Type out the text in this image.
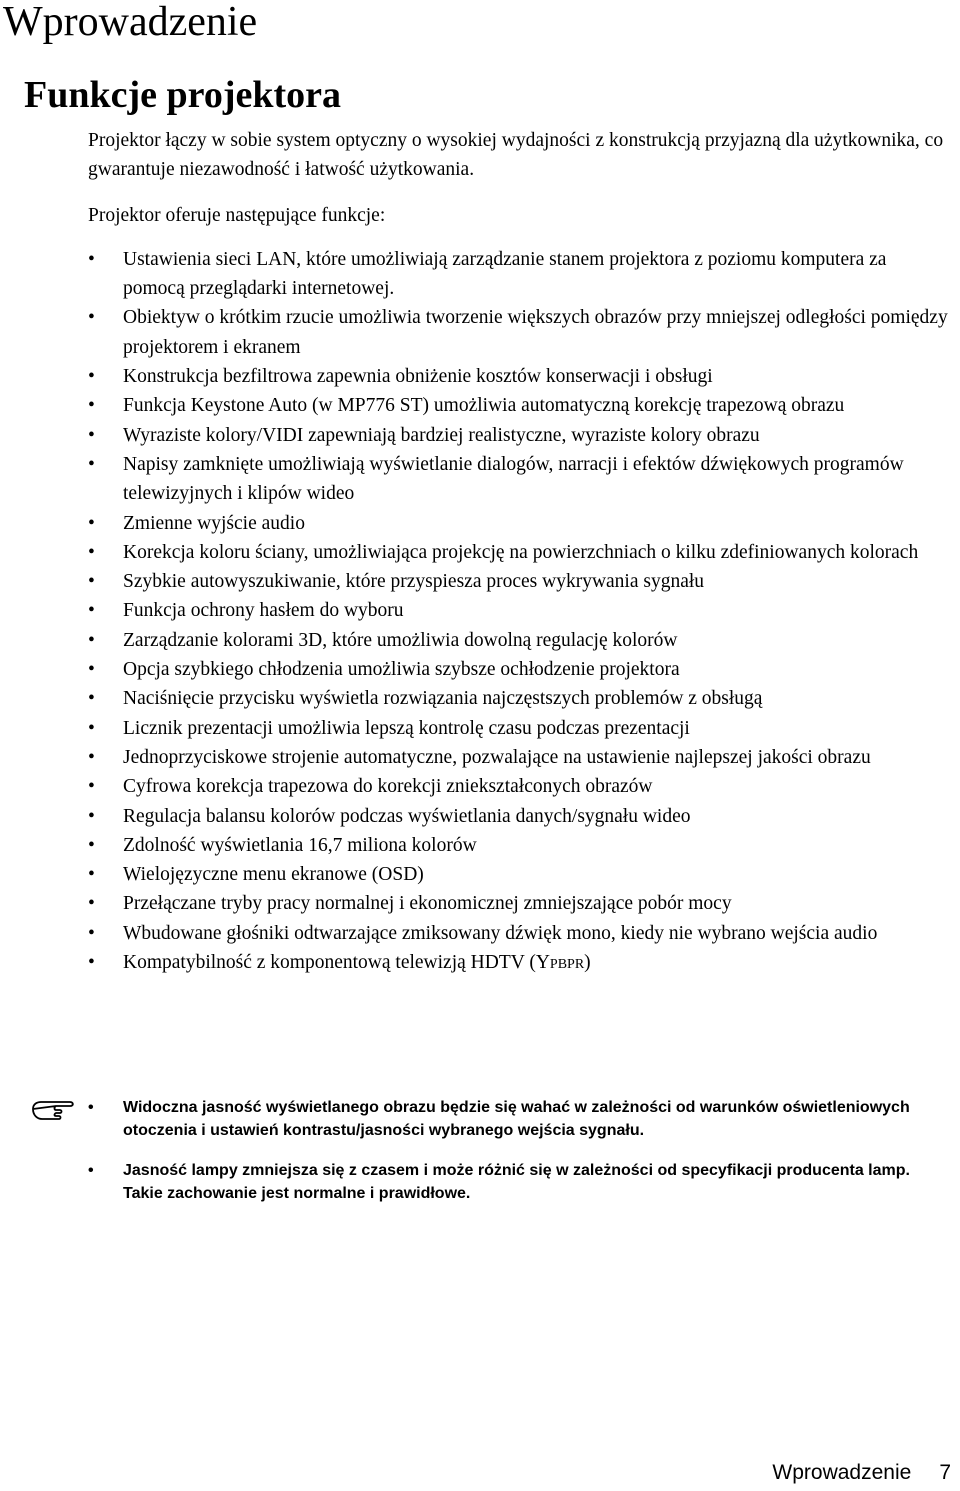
Wprowadzenie
Funkcje projektora

Projektor łączy w sobie system optyczny o wysokiej wydajności z konstrukcją przyjazną dla użytkownika, co gwarantuje niezawodność i łatwość użytkowania.

Projektor oferuje następujące funkcje:

• Ustawienia sieci LAN, które umożliwiają zarządzanie stanem projektora z poziomu komputera za pomocą przeglądarki internetowej.
• Obiektyw o krótkim rzucie umożliwia tworzenie większych obrazów przy mniejszej odległości pomiędzy projektorem i ekranem
• Konstrukcja bezfiltrowa zapewnia obniżenie kosztów konserwacji i obsługi
• Funkcja Keystone Auto (w MP776 ST) umożliwia automatyczną korekcję trapezową obrazu
• Wyraziste kolory/VIDI zapewniają bardziej realistyczne, wyraziste kolory obrazu
• Napisy zamknięte umożliwiają wyświetlanie dialogów, narracji i efektów dźwiękowych programów telewizyjnych i klipów wideo
• Zmienne wyjście audio
• Korekcja koloru ściany, umożliwiająca projekcję na powierzchniach o kilku zdefiniowanych kolorach
• Szybkie autowyszukiwanie, które przyspiesza proces wykrywania sygnału
• Funkcja ochrony hasłem do wyboru
• Zarządzanie kolorami 3D, które umożliwia dowolną regulację kolorów
• Opcja szybkiego chłodzenia umożliwia szybsze ochłodzenie projektora
• Naciśnięcie przycisku wyświetla rozwiązania najczęstszych problemów z obsługą
• Licznik prezentacji umożliwia lepszą kontrolę czasu podczas prezentacji
• Jednoprzyciskowe strojenie automatyczne, pozwalające na ustawienie najlepszej jakości obrazu
• Cyfrowa korekcja trapezowa do korekcji zniekształconych obrazów
• Regulacja balansu kolorów podczas wyświetlania danych/sygnału wideo
• Zdolność wyświetlania 16,7 miliona kolorów
• Wielojęzyczne menu ekranowe (OSD)
• Przełączane tryby pracy normalnej i ekonomicznej zmniejszające pobór mocy
• Wbudowane głośniki odtwarzające zmiksowany dźwięk mono, kiedy nie wybrano wejścia audio
• Kompatybilność z komponentową telewizją HDTV (YPBPR)
• Widoczna jasność wyświetlanego obrazu będzie się wahać w zależności od warunków oświetleniowych otoczenia i ustawień kontrastu/jasności wybranego wejścia sygnału.
• Jasność lampy zmniejsza się z czasem i może różnić się w zależności od specyfikacji producenta lamp. Takie zachowanie jest normalne i prawidłowe.
Wprowadzenie 7
